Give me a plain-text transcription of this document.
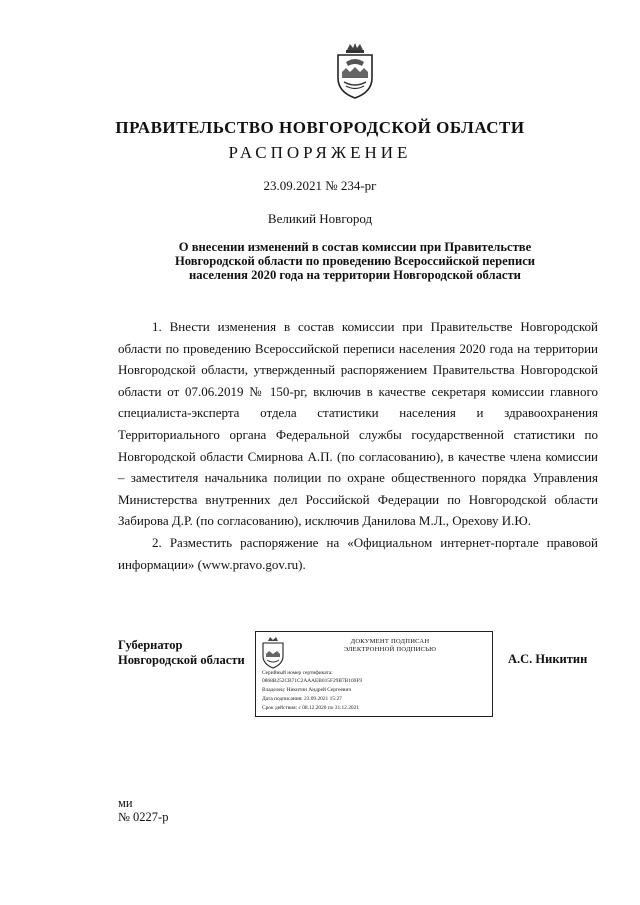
ПРАВИТЕЛЬСТВО НОВГОРОДСКОЙ ОБЛАСТИ
РАСПОРЯЖЕНИЕ
23.09.2021 № 234-рг
Великий Новгород
О внесении изменений в состав комиссии при Правительстве
Новгородской области по проведению Всероссийской переписи
населения 2020 года на территории Новгородской области

1. Внести изменения в состав комиссии при Правительстве Новгородской области по проведению Всероссийской переписи населения 2020 года на территории Новгородской области, утвержденный распоряжением Правительства Новгородской области от 07.06.2019 № 150-рг, включив в качестве секретаря комиссии главного специалиста-эксперта отдела статистики населения и здравоохранения Территориального органа Федеральной службы государственной статистики по Новгородской области Смирнова А.П. (по согласованию), в качестве члена комиссии – заместителя начальника полиции по охране общественного порядка Управления Министерства внутренних дел Российской Федерации по Новгородской области Забирова Д.Р. (по согласованию), исключив Данилова М.Л., Орехову И.Ю.

2. Разместить распоряжение на «Официальном интернет-портале правовой информации» (www.pravo.gov.ru).

Губернатор
Новгородской области
ДОКУМЕНТ ПОДПИСАН
ЭЛЕКТРОННОЙ ПОДПИСЬЮ
Серийный номер сертификата:
0868B252CB71C2AAAEB015F29B7B169F9
Владелец: Никитин Андрей Сергеевич
Дата подписания: 23.09.2021 15:27
Срок действия: с 08.12.2020 по 31.12.2021
А.С. Никитин
ми
№ 0227-р
